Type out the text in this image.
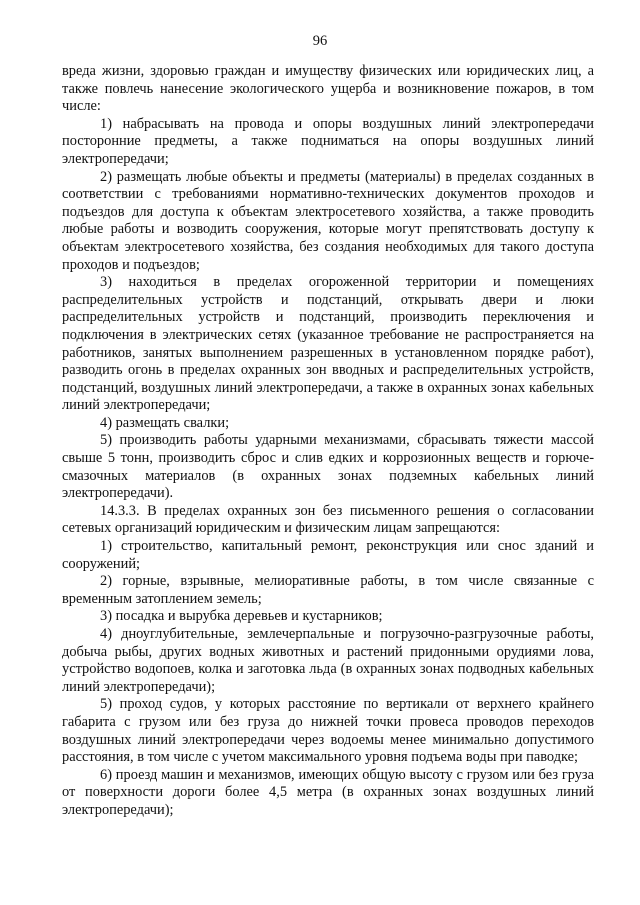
96

вреда жизни, здоровью граждан и имуществу физических или юридических лиц, а также повлечь нанесение экологического ущерба и возникновение пожаров, в том числе:

1) набрасывать на провода и опоры воздушных линий электропередачи посторонние предметы, а также подниматься на опоры воздушных линий электропередачи;

2) размещать любые объекты и предметы (материалы) в пределах созданных в соответствии с требованиями нормативно-технических документов проходов и подъездов для доступа к объектам электросетевого хозяйства, а также проводить любые работы и возводить сооружения, которые могут препятствовать доступу к объектам электросетевого хозяйства, без создания необходимых для такого доступа проходов и подъездов;

3) находиться в пределах огороженной территории и помещениях распределительных устройств и подстанций, открывать двери и люки распределительных устройств и подстанций, производить переключения и подключения в электрических сетях (указанное требование не распространяется на работников, занятых выполнением разрешенных в установленном порядке работ), разводить огонь в пределах охранных зон вводных и распределительных устройств, подстанций, воздушных линий электропередачи, а также в охранных зонах кабельных линий электропередачи;

4) размещать свалки;

5) производить работы ударными механизмами, сбрасывать тяжести массой свыше 5 тонн, производить сброс и слив едких и коррозионных веществ и горюче-смазочных материалов (в охранных зонах подземных кабельных линий электропередачи).

14.3.3. В пределах охранных зон без письменного решения о согласовании сетевых организаций юридическим и физическим лицам запрещаются:

1) строительство, капитальный ремонт, реконструкция или снос зданий и сооружений;

2) горные, взрывные, мелиоративные работы, в том числе связанные с временным затоплением земель;

3) посадка и вырубка деревьев и кустарников;

4) дноуглубительные, землечерпальные и погрузочно-разгрузочные работы, добыча рыбы, других водных животных и растений придонными орудиями лова, устройство водопоев, колка и заготовка льда (в охранных зонах подводных кабельных линий электропередачи);

5) проход судов, у которых расстояние по вертикали от верхнего крайнего габарита с грузом или без груза до нижней точки провеса проводов переходов воздушных линий электропередачи через водоемы менее минимально допустимого расстояния, в том числе с учетом максимального уровня подъема воды при паводке;

6) проезд машин и механизмов, имеющих общую высоту с грузом или без груза от поверхности дороги более 4,5 метра (в охранных зонах воздушных линий электропередачи);
